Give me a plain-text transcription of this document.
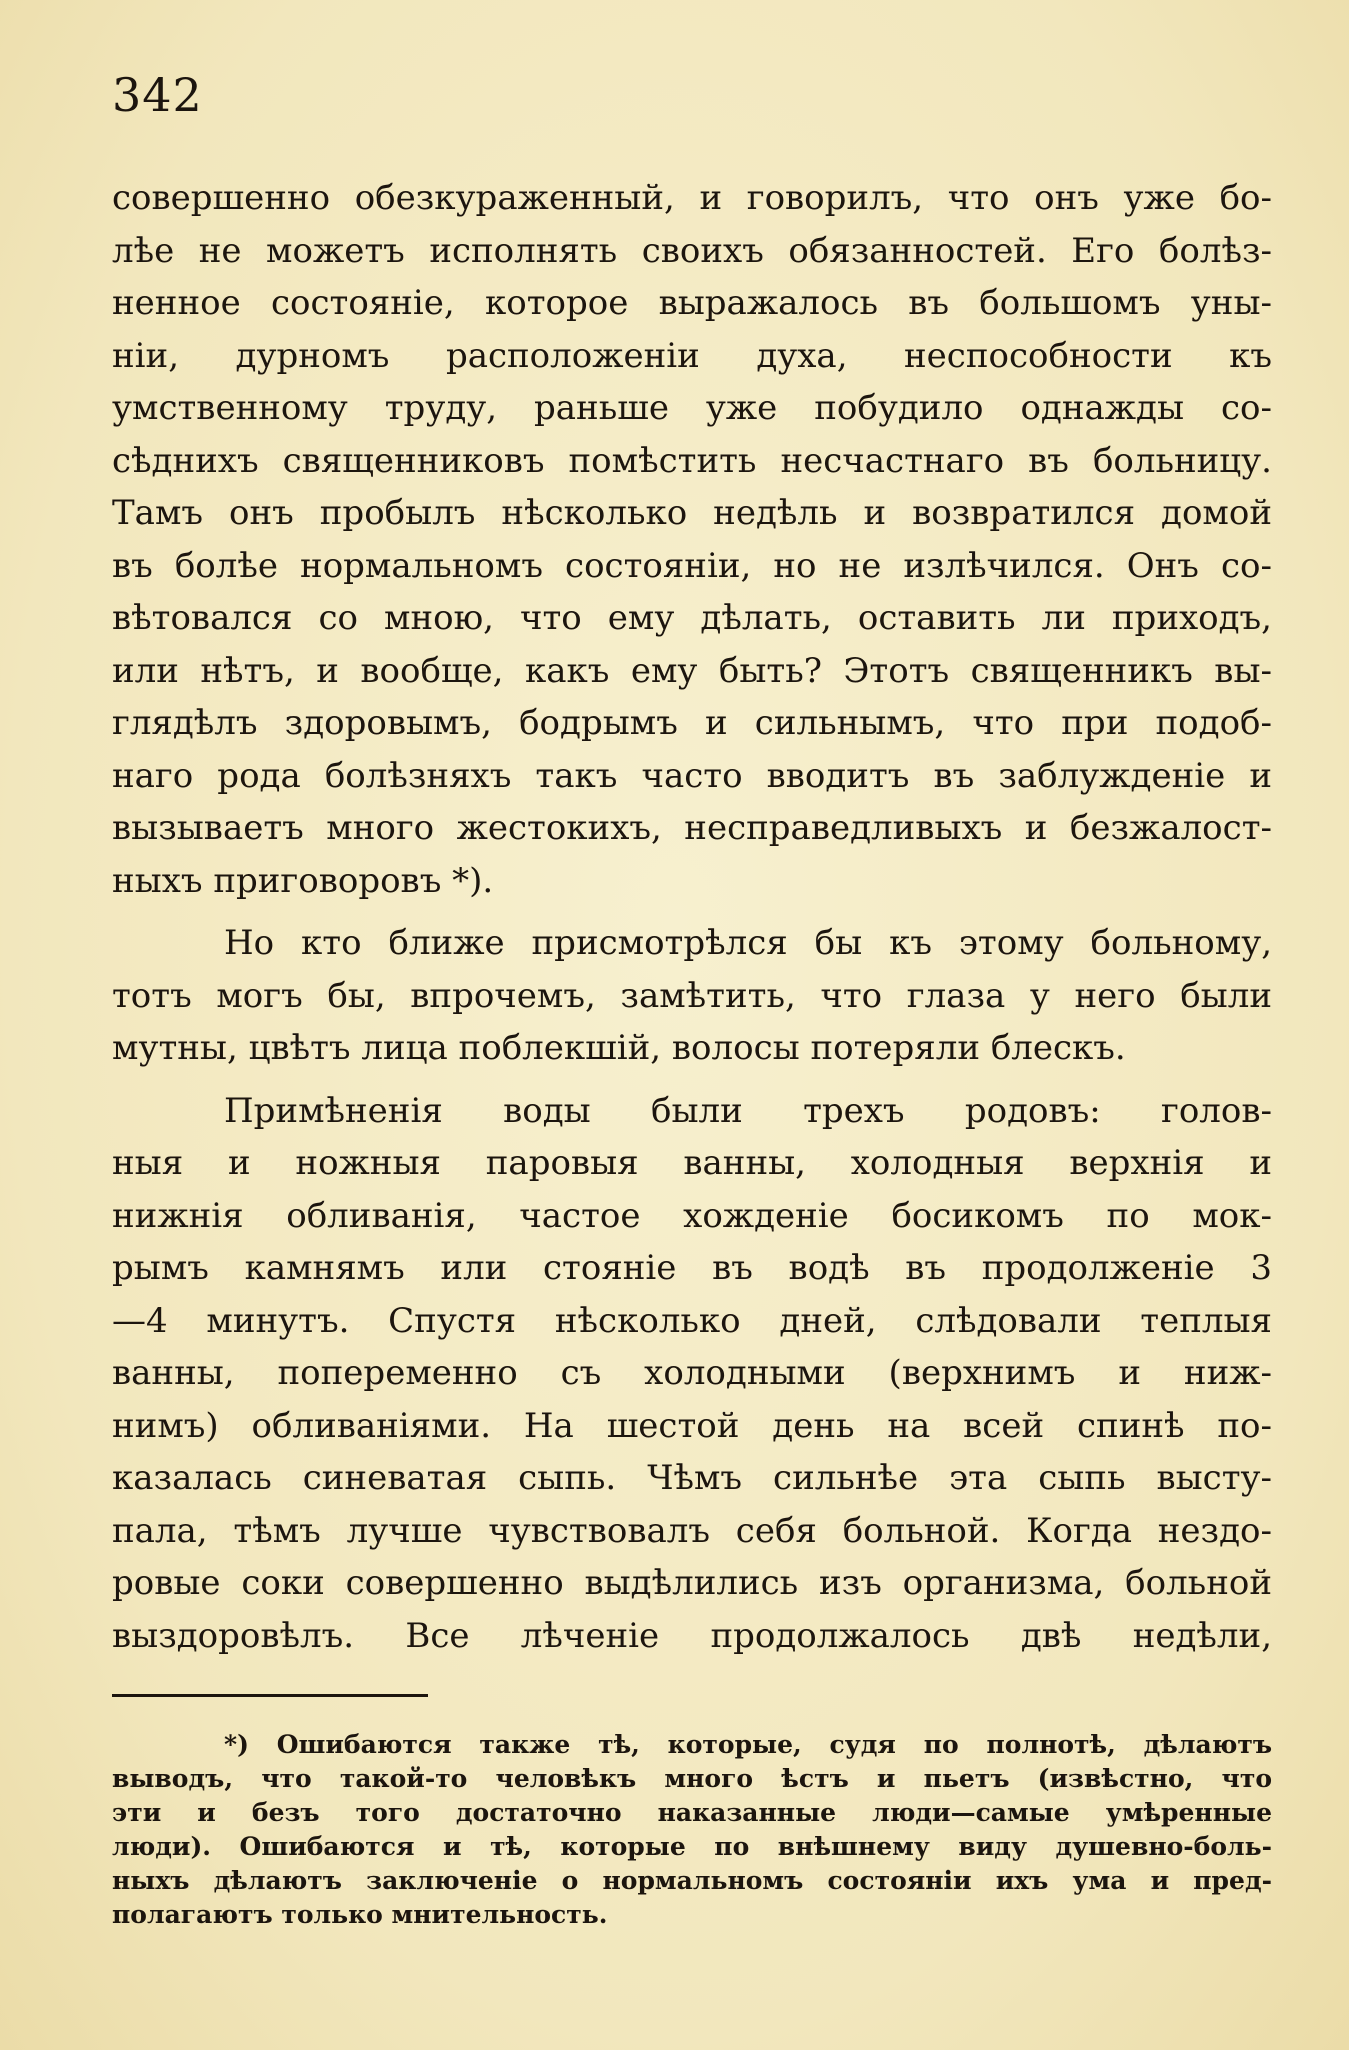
342
совершенно обезкураженный, и говорилъ, что онъ уже бо-
лѣе не можетъ исполнять своихъ обязанностей. Его болѣз-
ненное состояніе, которое выражалось въ большомъ уны-
ніи, дурномъ расположеніи духа, неспособности къ
умственному труду, раньше уже побудило однажды со-
сѣднихъ священниковъ помѣстить несчастнаго въ больницу.
Тамъ онъ пробылъ нѣсколько недѣль и возвратился домой
въ болѣе нормальномъ состояніи, но не излѣчился. Онъ со-
вѣтовался со мною, что ему дѣлать, оставить ли приходъ,
или нѣтъ, и вообще, какъ ему быть? Этотъ священникъ вы-
глядѣлъ здоровымъ, бодрымъ и сильнымъ, что при подоб-
наго рода болѣзняхъ такъ часто вводитъ въ заблужденіе и
вызываетъ много жестокихъ, несправедливыхъ и безжалост-
ныхъ приговоровъ *).
Но кто ближе присмотрѣлся бы къ этому больному,
тотъ могъ бы, впрочемъ, замѣтить, что глаза у него были
мутны, цвѣтъ лица поблекшій, волосы потеряли блескъ.
Примѣненія воды были трехъ родовъ: голов-
ныя и ножныя паровыя ванны, холодныя верхнія и
нижнія обливанія, частое хожденіе босикомъ по мок-
рымъ камнямъ или стояніе въ водѣ въ продолженіе 3
—4 минутъ. Спустя нѣсколько дней, слѣдовали теплыя
ванны, попеременно съ холодными (верхнимъ и ниж-
нимъ) обливаніями. На шестой день на всей спинѣ по-
казалась синеватая сыпь. Чѣмъ сильнѣе эта сыпь высту-
пала, тѣмъ лучше чувствовалъ себя больной. Когда нездо-
ровые соки совершенно выдѣлились изъ организма, больной
выздоровѣлъ. Все лѣченіе продолжалось двѣ недѣли,
*) Ошибаются также тѣ, которые, судя по полнотѣ, дѣлаютъ
выводъ, что такой-то человѣкъ много ѣстъ и пьетъ (извѣстно, что
эти и безъ того достаточно наказанные люди—самые умѣренные
люди). Ошибаются и тѣ, которые по внѣшнему виду душевно-боль-
ныхъ дѣлаютъ заключеніе о нормальномъ состояніи ихъ ума и пред-
полагаютъ только мнительность.
